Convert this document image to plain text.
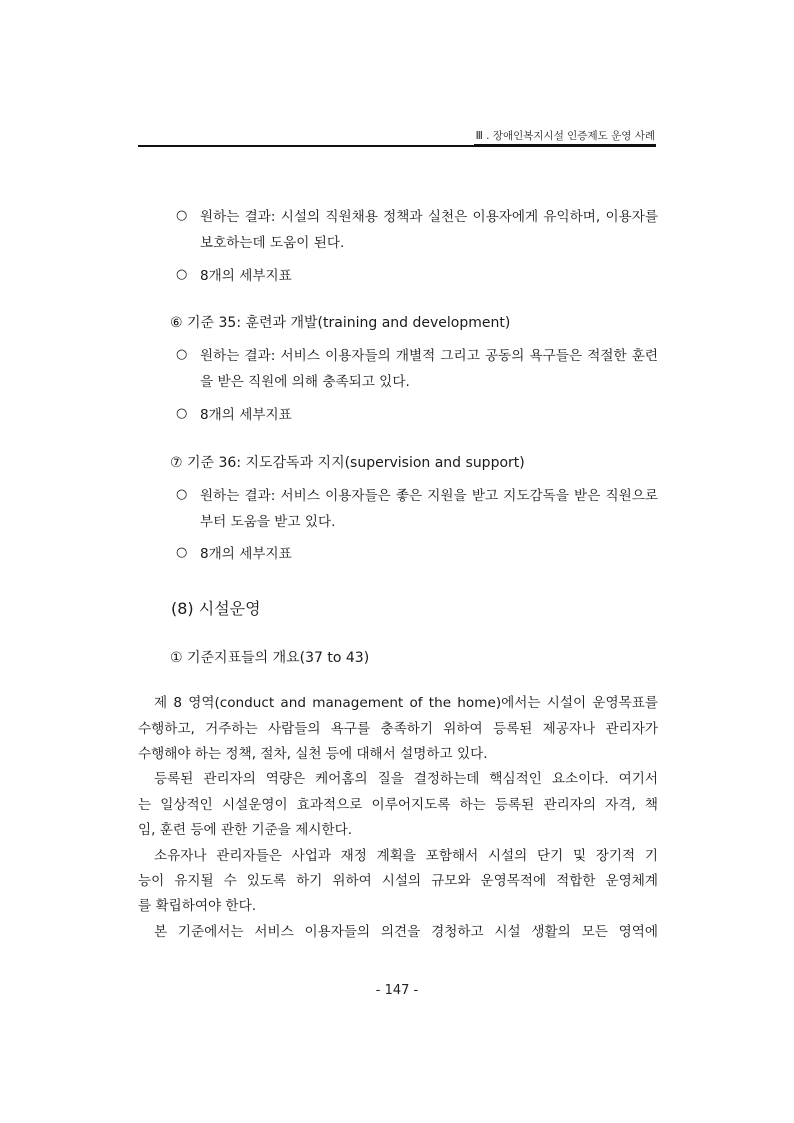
Ⅲ . 장애인복지시설 인증제도 운영 사례
○ 원하는 결과: 시설의 직원채용 정책과 실천은 이용자에게 유익하며, 이용자를 보호하는데 도움이 된다.
○ 8개의 세부지표
⑥ 기준 35: 훈련과 개발(training and development)
○ 원하는 결과: 서비스 이용자들의 개별적 그리고 공동의 욕구들은 적절한 훈련을 받은 직원에 의해 충족되고 있다.
○ 8개의 세부지표
⑦ 기준 36: 지도감독과 지지(supervision and support)
○ 원하는 결과: 서비스 이용자들은 좋은 지원을 받고 지도감독을 받은 직원으로부터 도움을 받고 있다.
○ 8개의 세부지표
(8) 시설운영
① 기준지표들의 개요(37 to 43)
제 8 영역(conduct and management of the home)에서는 시설이 운영목표를
수행하고, 거주하는 사람들의 욕구를 충족하기 위하여 등록된 제공자나 관리자가
수행해야 하는 정책, 절차, 실천 등에 대해서 설명하고 있다.
등록된 관리자의 역량은 케어홈의 질을 결정하는데 핵심적인 요소이다. 여기서
는 일상적인 시설운영이 효과적으로 이루어지도록 하는 등록된 관리자의 자격, 책
임, 훈련 등에 관한 기준을 제시한다.
소유자나 관리자들은 사업과 재정 계획을 포함해서 시설의 단기 및 장기적 기
능이 유지될 수 있도록 하기 위하여 시설의 규모와 운영목적에 적합한 운영체계
를 확립하여야 한다.
본 기준에서는 서비스 이용자들의 의견을 경청하고 시설 생활의 모든 영역에
- 147 -
